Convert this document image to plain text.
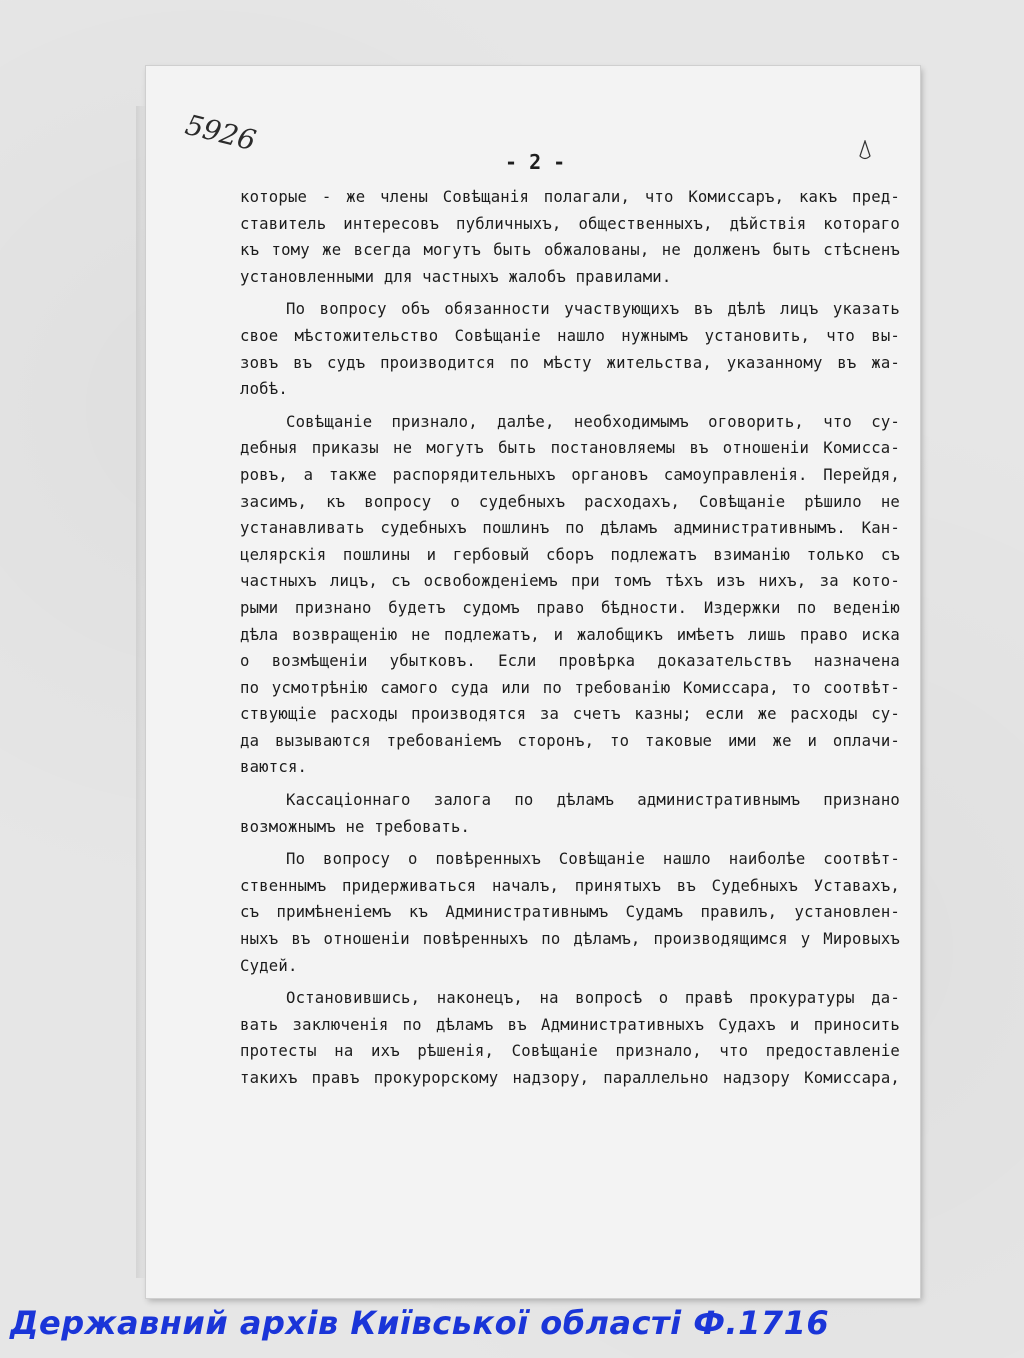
5926
- 2 -
которые - же члены Совѣщанія полагали, что Комиссаръ, какъ пред-
ставитель интересовъ публичныхъ, общественныхъ, дѣйствія котораго
къ тому же всегда могутъ быть обжалованы, не долженъ быть стѣсненъ
установленными для частныхъ жалобъ правилами.
По вопросу объ обязанности участвующихъ въ дѣлѣ лицъ указать
свое мѣстожительство Совѣщаніе нашло нужнымъ установить, что вы-
зовъ въ судъ производится по мѣсту жительства, указанному въ жа-
лобѣ.
Совѣщаніе признало, далѣе, необходимымъ оговорить, что су-
дебныя приказы не могутъ быть постановляемы въ отношеніи Комисса-
ровъ, а также распорядительныхъ органовъ самоуправленія. Перейдя,
засимъ, къ вопросу о судебныхъ расходахъ, Совѣщаніе рѣшило не
устанавливать судебныхъ пошлинъ по дѣламъ административнымъ. Кан-
целярскія пошлины и гербовый сборъ подлежатъ взиманію только съ
частныхъ лицъ, съ освобожденіемъ при томъ тѣхъ изъ нихъ, за кото-
рыми признано будетъ судомъ право бѣдности. Издержки по веденію
дѣла возвращенію не подлежатъ, и жалобщикъ имѣетъ лишь право иска
о возмѣщеніи убытковъ. Если провѣрка доказательствъ назначена
по усмотрѣнію самого суда или по требованію Комиссара, то соотвѣт-
ствующіе расходы производятся за счетъ казны; если же расходы су-
да вызываются требованіемъ сторонъ, то таковые ими же и оплачи-
ваются.
Кассаціоннаго залога по дѣламъ административнымъ признано
возможнымъ не требовать.
По вопросу о повѣренныхъ Совѣщаніе нашло наиболѣе соотвѣт-
ственнымъ придерживаться началъ, принятыхъ въ Судебныхъ Уставахъ,
съ примѣненіемъ къ Административнымъ Судамъ правилъ, установлен-
ныхъ въ отношеніи повѣренныхъ по дѣламъ, производящимся у Мировыхъ
Судей.
Остановившись, наконецъ, на вопросѣ о правѣ прокуратуры да-
вать заключенія по дѣламъ въ Административныхъ Судахъ и приносить
протесты на ихъ рѣшенія, Совѣщаніе признало, что предоставленіе
такихъ правъ прокурорскому надзору, параллельно надзору Комиссара,
Державний архів Київської області Ф.1716
